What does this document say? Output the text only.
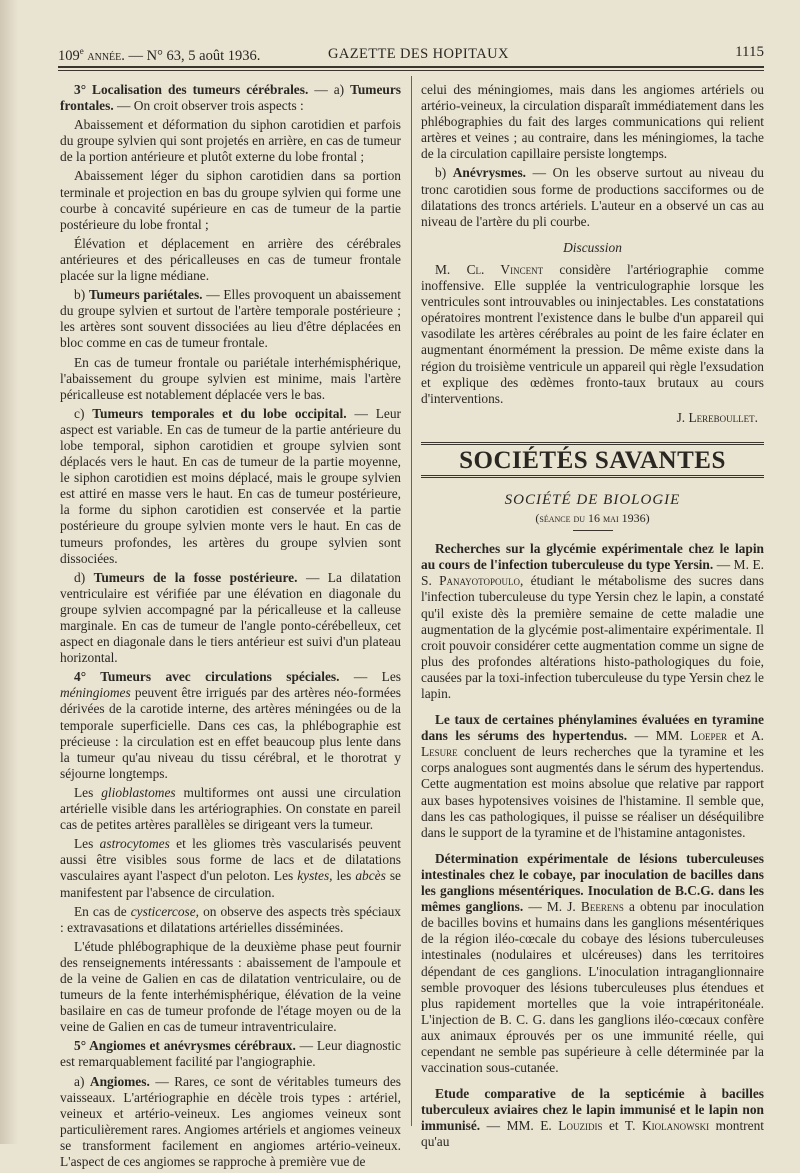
109e année. — N° 63, 5 août 1936.	GAZETTE DES HOPITAUX	1115

3° Localisation des tumeurs cérébrales. — a) Tumeurs frontales. — On croit observer trois aspects :

Abaissement et déformation du siphon carotidien et parfois du groupe sylvien qui sont projetés en arrière, en cas de tumeur de la portion antérieure et plutôt externe du lobe frontal ;

Abaissement léger du siphon carotidien dans sa portion terminale et projection en bas du groupe sylvien qui forme une courbe à concavité supérieure en cas de tumeur de la partie postérieure du lobe frontal ;

Élévation et déplacement en arrière des cérébrales antérieures et des péricalleuses en cas de tumeur frontale placée sur la ligne médiane.

b) Tumeurs pariétales. — Elles provoquent un abaissement du groupe sylvien et surtout de l'artère temporale postérieure ; les artères sont souvent dissociées au lieu d'être déplacées en bloc comme en cas de tumeur frontale.

En cas de tumeur frontale ou pariétale interhémisphérique, l'abaissement du groupe sylvien est minime, mais l'artère péricalleuse est notablement déplacée vers le bas.

c) Tumeurs temporales et du lobe occipital. — Leur aspect est variable. En cas de tumeur de la partie antérieure du lobe temporal, siphon carotidien et groupe sylvien sont déplacés vers le haut. En cas de tumeur de la partie moyenne, le siphon carotidien est moins déplacé, mais le groupe sylvien est attiré en masse vers le haut. En cas de tumeur postérieure, la forme du siphon carotidien est conservée et la partie postérieure du groupe sylvien monte vers le haut. En cas de tumeurs profondes, les artères du groupe sylvien sont dissociées.

d) Tumeurs de la fosse postérieure. — La dilatation ventriculaire est vérifiée par une élévation en diagonale du groupe sylvien accompagné par la péricalleuse et la calleuse marginale. En cas de tumeur de l'angle ponto-cérébelleux, cet aspect en diagonale dans le tiers antérieur est suivi d'un plateau horizontal.

4° Tumeurs avec circulations spéciales. — Les méningiomes peuvent être irrigués par des artères néo-formées dérivées de la carotide interne, des artères méningées ou de la temporale superficielle. Dans ces cas, la phlébographie est précieuse : la circulation est en effet beaucoup plus lente dans la tumeur qu'au niveau du tissu cérébral, et le thorotrat y séjourne longtemps.

Les glioblastomes multiformes ont aussi une circulation artérielle visible dans les artériographies. On constate en pareil cas de petites artères parallèles se dirigeant vers la tumeur.

Les astrocytomes et les gliomes très vascularisés peuvent aussi être visibles sous forme de lacs et de dilatations vasculaires ayant l'aspect d'un peloton. Les kystes, les abcès se manifestent par l'absence de circulation.

En cas de cysticercose, on observe des aspects très spéciaux : extravasations et dilatations artérielles disséminées.

L'étude phlébographique de la deuxième phase peut fournir des renseignements intéressants : abaissement de l'ampoule et de la veine de Galien en cas de dilatation ventriculaire, ou de tumeurs de la fente interhémisphérique, élévation de la veine basilaire en cas de tumeur profonde de l'étage moyen ou de la veine de Galien en cas de tumeur intraventriculaire.

5° Angiomes et anévrysmes cérébraux. — Leur diagnostic est remarquablement facilité par l'angiographie.

a) Angiomes. — Rares, ce sont de véritables tumeurs des vaisseaux. L'artériographie en décèle trois types : artériel, veineux et artério-veineux. Les angiomes veineux sont particulièrement rares. Angiomes artériels et angiomes veineux se transforment facilement en angiomes artério-veineux. L'aspect de ces angiomes se rapproche à première vue de

celui des méningiomes, mais dans les angiomes artériels ou artério-veineux, la circulation disparaît immédiatement dans les phlébographies du fait des larges communications qui relient artères et veines ; au contraire, dans les méningiomes, la tache de la circulation capillaire persiste longtemps.

b) Anévrysmes. — On les observe surtout au niveau du tronc carotidien sous forme de productions sacciformes ou de dilatations des troncs artériels. L'auteur en a observé un cas au niveau de l'artère du pli courbe.

Discussion

M. Cl. Vincent considère l'artériographie comme inoffensive. Elle supplée la ventriculographie lorsque les ventricules sont introuvables ou ininjectables. Les constatations opératoires montrent l'existence dans le bulbe d'un appareil qui vasodilate les artères cérébrales au point de les faire éclater en augmentant énormément la pression. De même existe dans la région du troisième ventricule un appareil qui règle l'exsudation et explique des œdèmes fronto-taux brutaux au cours d'interventions.

J. Lereboullet.
SOCIÉTÉS SAVANTES
SOCIÉTÉ DE BIOLOGIE
(séance du 16 mai 1936)

Recherches sur la glycémie expérimentale chez le lapin au cours de l'infection tuberculeuse du type Yersin. — M. E. S. Panayotopoulo, étudiant le métabolisme des sucres dans l'infection tuberculeuse du type Yersin chez le lapin, a constaté qu'il existe dès la première semaine de cette maladie une augmentation de la glycémie post-alimentaire expérimentale. Il croit pouvoir considérer cette augmentation comme un signe de plus des profondes altérations histo-pathologiques du foie, causées par la toxi-infection tuberculeuse du type Yersin chez le lapin.

Le taux de certaines phénylamines évaluées en tyramine dans les sérums des hypertendus. — MM. Loeper et A. Lesure concluent de leurs recherches que la tyramine et les corps analogues sont augmentés dans le sérum des hypertendus. Cette augmentation est moins absolue que relative par rapport aux bases hypotensives voisines de l'histamine. Il semble que, dans les cas pathologiques, il puisse se réaliser un déséquilibre dans le support de la tyramine et de l'histamine antagonistes.

Détermination expérimentale de lésions tuberculeuses intestinales chez le cobaye, par inoculation de bacilles dans les ganglions mésentériques. Inoculation de B.C.G. dans les mêmes ganglions. — M. J. Beerens a obtenu par inoculation de bacilles bovins et humains dans les ganglions mésentériques de la région iléo-cœcale du cobaye des lésions tuberculeuses intestinales (nodulaires et ulcéreuses) dans les territoires dépendant de ces ganglions. L'inoculation intraganglionnaire semble provoquer des lésions tuberculeuses plus étendues et plus rapidement mortelles que la voie intrapéritonéale. L'injection de B. C. G. dans les ganglions iléo-cœcaux confère aux animaux éprouvés per os une immunité réelle, qui cependant ne semble pas supérieure à celle déterminée par la vaccination sous-cutanée.

Etude comparative de la septicémie à bacilles tuberculeux aviaires chez le lapin immunisé et le lapin non immunisé. — MM. E. Louzidis et T. Kiolanowski montrent qu'au
